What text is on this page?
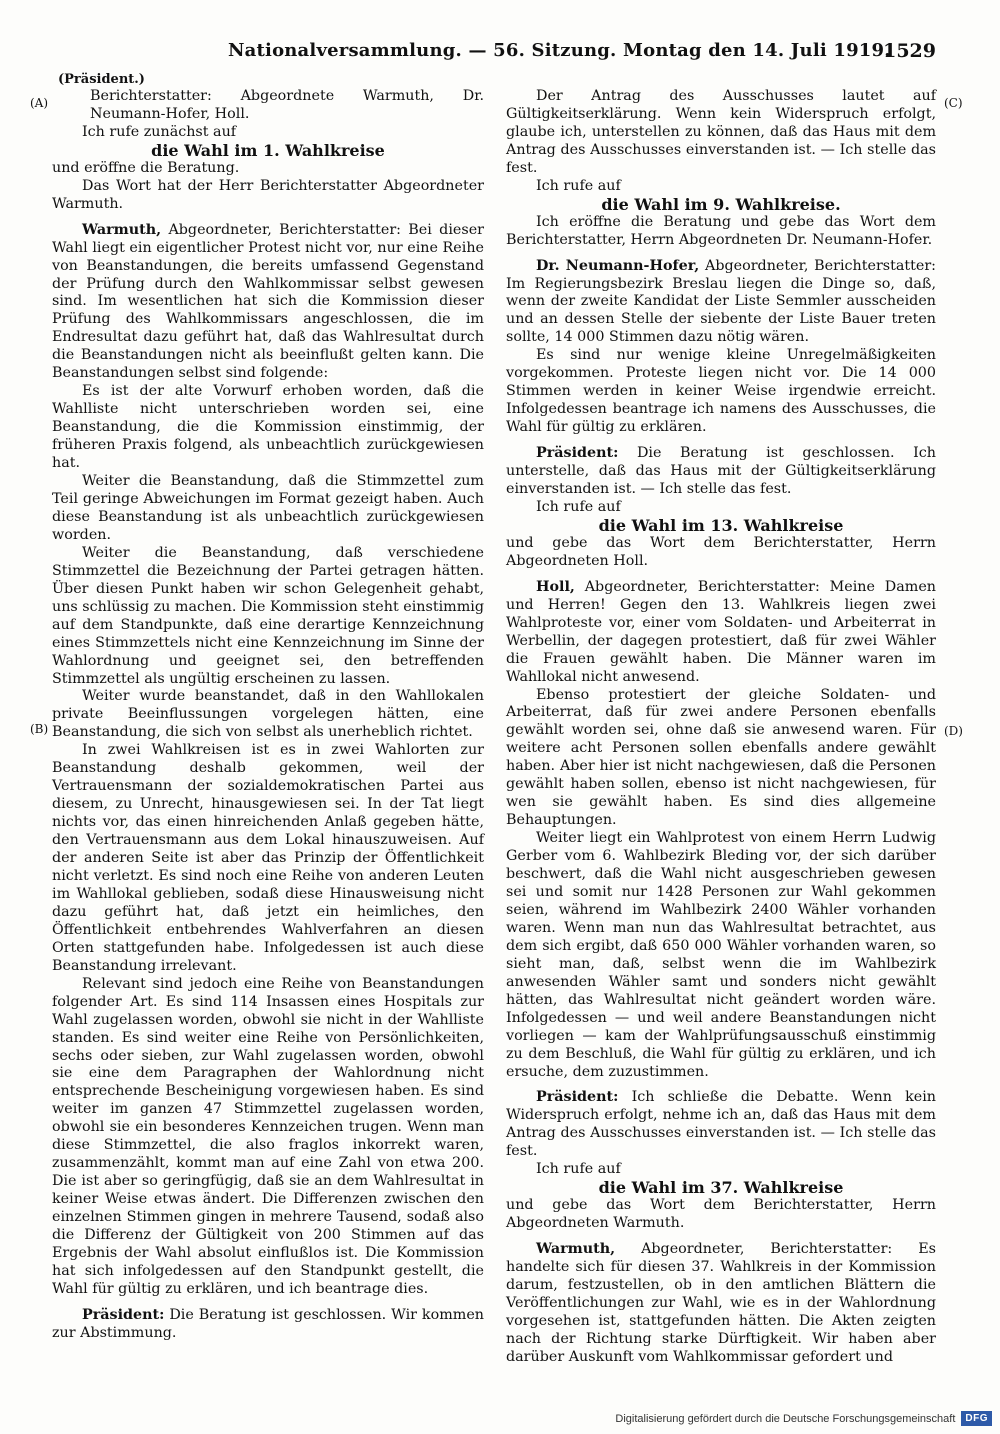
Nationalversammlung. — 56. Sitzung. Montag den 14. Juli 1919.
1529
(Präsident.)
(A)
(B)
(C)
(D)

Berichterstatter: Abgeordnete Warmuth, Dr. Neumann-Hofer, Holl.

Ich rufe zunächst auf

die Wahl im 1. Wahlkreise

und eröffne die Beratung.

Das Wort hat der Herr Berichterstatter Abgeordneter Warmuth.

Warmuth, Abgeordneter, Berichterstatter: Bei dieser Wahl liegt ein eigentlicher Protest nicht vor, nur eine Reihe von Beanstandungen, die bereits umfassend Gegenstand der Prüfung durch den Wahlkommissar selbst gewesen sind. Im wesentlichen hat sich die Kommission dieser Prüfung des Wahlkommissars angeschlossen, die im Endresultat dazu geführt hat, daß das Wahlresultat durch die Beanstandungen nicht als beeinflußt gelten kann. Die Beanstandungen selbst sind folgende:

Es ist der alte Vorwurf erhoben worden, daß die Wahlliste nicht unterschrieben worden sei, eine Beanstandung, die die Kommission einstimmig, der früheren Praxis folgend, als unbeachtlich zurückgewiesen hat.

Weiter die Beanstandung, daß die Stimmzettel zum Teil geringe Abweichungen im Format gezeigt haben. Auch diese Beanstandung ist als unbeachtlich zurückgewiesen worden.

Weiter die Beanstandung, daß verschiedene Stimmzettel die Bezeichnung der Partei getragen hätten. Über diesen Punkt haben wir schon Gelegenheit gehabt, uns schlüssig zu machen. Die Kommission steht einstimmig auf dem Standpunkte, daß eine derartige Kennzeichnung eines Stimmzettels nicht eine Kennzeichnung im Sinne der Wahlordnung und geeignet sei, den betreffenden Stimmzettel als ungültig erscheinen zu lassen.

Weiter wurde beanstandet, daß in den Wahllokalen private Beeinflussungen vorgelegen hätten, eine Beanstandung, die sich von selbst als unerheblich richtet.

In zwei Wahlkreisen ist es in zwei Wahlorten zur Beanstandung deshalb gekommen, weil der Vertrauensmann der sozialdemokratischen Partei aus diesem, zu Unrecht, hinausgewiesen sei. In der Tat liegt nichts vor, das einen hinreichenden Anlaß gegeben hätte, den Vertrauensmann aus dem Lokal hinauszuweisen. Auf der anderen Seite ist aber das Prinzip der Öffentlichkeit nicht verletzt. Es sind noch eine Reihe von anderen Leuten im Wahllokal geblieben, sodaß diese Hinausweisung nicht dazu geführt hat, daß jetzt ein heimliches, den Öffentlichkeit entbehrendes Wahlverfahren an diesen Orten stattgefunden habe. Infolgedessen ist auch diese Beanstandung irrelevant.

Relevant sind jedoch eine Reihe von Beanstandungen folgender Art. Es sind 114 Insassen eines Hospitals zur Wahl zugelassen worden, obwohl sie nicht in der Wahlliste standen. Es sind weiter eine Reihe von Persönlichkeiten, sechs oder sieben, zur Wahl zugelassen worden, obwohl sie eine dem Paragraphen der Wahlordnung nicht entsprechende Bescheinigung vorgewiesen haben. Es sind weiter im ganzen 47 Stimmzettel zugelassen worden, obwohl sie ein besonderes Kennzeichen trugen. Wenn man diese Stimmzettel, die also fraglos inkorrekt waren, zusammenzählt, kommt man auf eine Zahl von etwa 200. Die ist aber so geringfügig, daß sie an dem Wahlresultat in keiner Weise etwas ändert. Die Differenzen zwischen den einzelnen Stimmen gingen in mehrere Tausend, sodaß also die Differenz der Gültigkeit von 200 Stimmen auf das Ergebnis der Wahl absolut einflußlos ist. Die Kommission hat sich infolgedessen auf den Standpunkt gestellt, die Wahl für gültig zu erklären, und ich beantrage dies.

Präsident: Die Beratung ist geschlossen. Wir kommen zur Abstimmung.

Der Antrag des Ausschusses lautet auf Gültigkeitserklärung. Wenn kein Widerspruch erfolgt, glaube ich, unterstellen zu können, daß das Haus mit dem Antrag des Ausschusses einverstanden ist. — Ich stelle das fest.

Ich rufe auf

die Wahl im 9. Wahlkreise.

Ich eröffne die Beratung und gebe das Wort dem Berichterstatter, Herrn Abgeordneten Dr. Neumann-Hofer.

Dr. Neumann-Hofer, Abgeordneter, Berichterstatter: Im Regierungsbezirk Breslau liegen die Dinge so, daß, wenn der zweite Kandidat der Liste Semmler ausscheiden und an dessen Stelle der siebente der Liste Bauer treten sollte, 14 000 Stimmen dazu nötig wären.

Es sind nur wenige kleine Unregelmäßigkeiten vorgekommen. Proteste liegen nicht vor. Die 14 000 Stimmen werden in keiner Weise irgendwie erreicht. Infolgedessen beantrage ich namens des Ausschusses, die Wahl für gültig zu erklären.

Präsident: Die Beratung ist geschlossen. Ich unterstelle, daß das Haus mit der Gültigkeitserklärung einverstanden ist. — Ich stelle das fest.

Ich rufe auf

die Wahl im 13. Wahlkreise

und gebe das Wort dem Berichterstatter, Herrn Abgeordneten Holl.

Holl, Abgeordneter, Berichterstatter: Meine Damen und Herren! Gegen den 13. Wahlkreis liegen zwei Wahlproteste vor, einer vom Soldaten- und Arbeiterrat in Werbellin, der dagegen protestiert, daß für zwei Wähler die Frauen gewählt haben. Die Männer waren im Wahllokal nicht anwesend.

Ebenso protestiert der gleiche Soldaten- und Arbeiterrat, daß für zwei andere Personen ebenfalls gewählt worden sei, ohne daß sie anwesend waren. Für weitere acht Personen sollen ebenfalls andere gewählt haben. Aber hier ist nicht nachgewiesen, daß die Personen gewählt haben sollen, ebenso ist nicht nachgewiesen, für wen sie gewählt haben. Es sind dies allgemeine Behauptungen.

Weiter liegt ein Wahlprotest von einem Herrn Ludwig Gerber vom 6. Wahlbezirk Bleding vor, der sich darüber beschwert, daß die Wahl nicht ausgeschrieben gewesen sei und somit nur 1428 Personen zur Wahl gekommen seien, während im Wahlbezirk 2400 Wähler vorhanden waren. Wenn man nun das Wahlresultat betrachtet, aus dem sich ergibt, daß 650 000 Wähler vorhanden waren, so sieht man, daß, selbst wenn die im Wahlbezirk anwesenden Wähler samt und sonders nicht gewählt hätten, das Wahlresultat nicht geändert worden wäre. Infolgedessen — und weil andere Beanstandungen nicht vorliegen — kam der Wahlprüfungsausschuß einstimmig zu dem Beschluß, die Wahl für gültig zu erklären, und ich ersuche, dem zuzustimmen.

Präsident: Ich schließe die Debatte. Wenn kein Widerspruch erfolgt, nehme ich an, daß das Haus mit dem Antrag des Ausschusses einverstanden ist. — Ich stelle das fest.

Ich rufe auf

die Wahl im 37. Wahlkreise

und gebe das Wort dem Berichterstatter, Herrn Abgeordneten Warmuth.

Warmuth, Abgeordneter, Berichterstatter: Es handelte sich für diesen 37. Wahlkreis in der Kommission darum, festzustellen, ob in den amtlichen Blättern die Veröffentlichungen zur Wahl, wie es in der Wahlordnung vorgesehen ist, stattgefunden hätten. Die Akten zeigten nach der Richtung starke Dürftigkeit. Wir haben aber darüber Auskunft vom Wahlkommissar gefordert und

Digitalisierung gefördert durch die Deutsche Forschungsgemeinschaft	DFG
